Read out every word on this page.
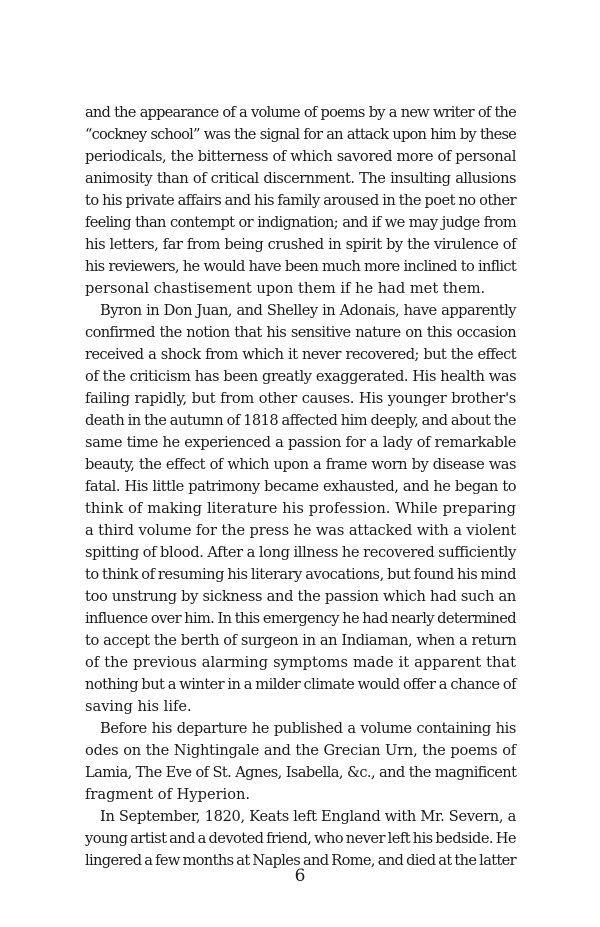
and the appearance of a volume of poems by a new writer of the
“cockney school” was the signal for an attack upon him by these
periodicals, the bitterness of which savored more of personal
animosity than of critical discernment. The insulting allusions
to his private affairs and his family aroused in the poet no other
feeling than contempt or indignation; and if we may judge from
his letters, far from being crushed in spirit by the virulence of
his reviewers, he would have been much more inclined to inflict
personal chastisement upon them if he had met them.
Byron in Don Juan, and Shelley in Adonais, have apparently
confirmed the notion that his sensitive nature on this occasion
received a shock from which it never recovered; but the effect
of the criticism has been greatly exaggerated. His health was
failing rapidly, but from other causes. His younger brother's
death in the autumn of 1818 affected him deeply, and about the
same time he experienced a passion for a lady of remarkable
beauty, the effect of which upon a frame worn by disease was
fatal. His little patrimony became exhausted, and he began to
think of making literature his profession. While preparing
a third volume for the press he was attacked with a violent
spitting of blood. After a long illness he recovered sufficiently
to think of resuming his literary avocations, but found his mind
too unstrung by sickness and the passion which had such an
influence over him. In this emergency he had nearly determined
to accept the berth of surgeon in an Indiaman, when a return
of the previous alarming symptoms made it apparent that
nothing but a winter in a milder climate would offer a chance of
saving his life.
Before his departure he published a volume containing his
odes on the Nightingale and the Grecian Urn, the poems of
Lamia, The Eve of St. Agnes, Isabella, &c., and the magnificent
fragment of Hyperion.
In September, 1820, Keats left England with Mr. Severn, a
young artist and a devoted friend, who never left his bedside. He
lingered a few months at Naples and Rome, and died at the latter
6
